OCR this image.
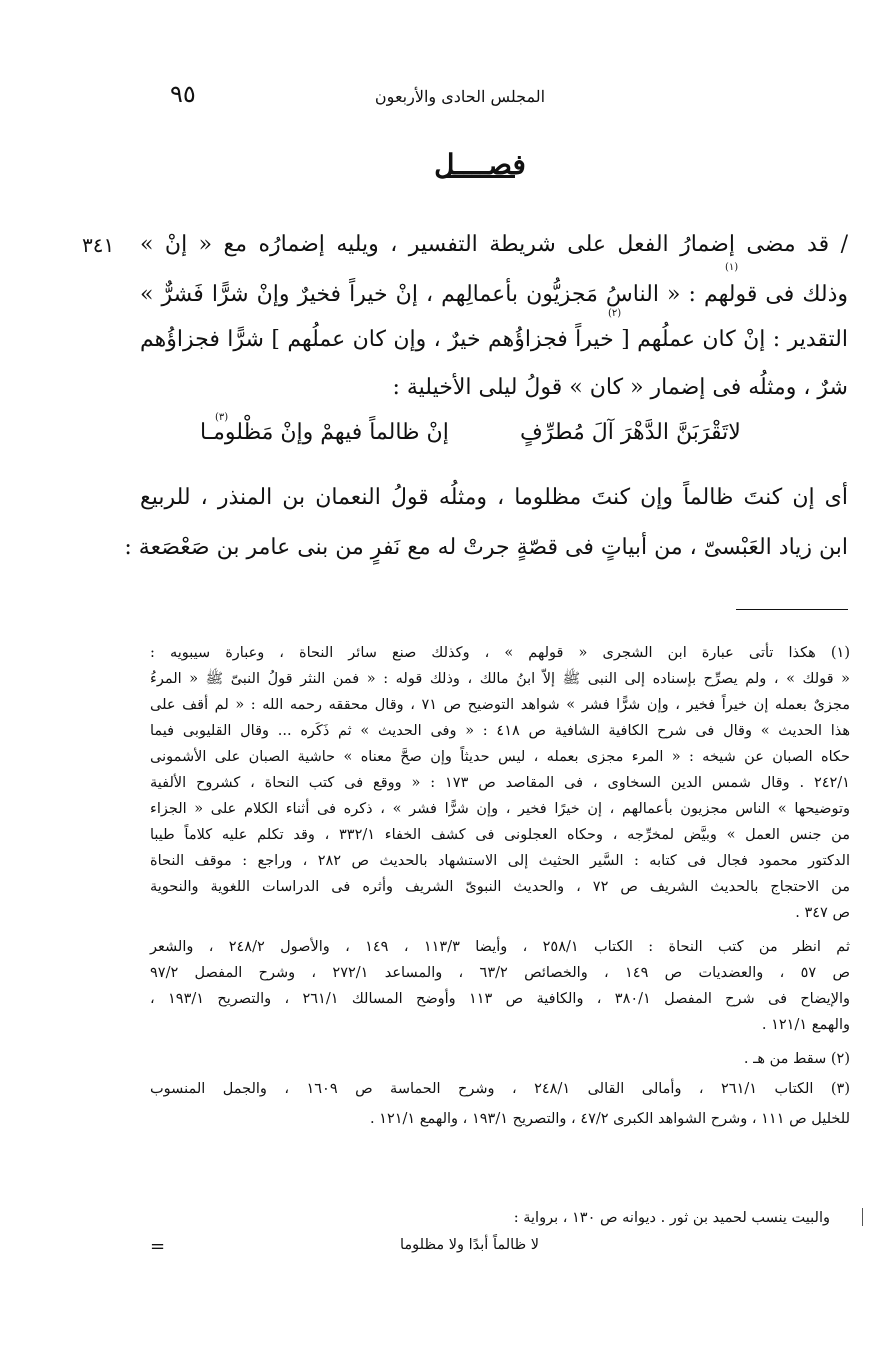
٩٥	المجلس الحادى والأربعون
فصــــل
٣٤١ / قد مضى إضمارُ الفعل على شريطة التفسير ، ويليه إضمارُه مع « إنْ »
(١)
وذلك فى قولهم : « الناسُ مَجزيُّون بأعمالِهم ، إنْ خيراً فخيرٌ وإنْ شرًّا فَشرٌّ »
(٢)
التقدير : إنْ كان عملُهم [ خيراً فجزاؤُهم خيرٌ ، وإن كان عملُهم ] شرًّا فجزاؤُهم
شرٌ ، ومثلُه فى إضمار « كان » قولُ ليلى الأخيلية :
(٣)
لاتَقْرَبَنَّ الدَّهْرَ آلَ مُطرِّفٍ
إنْ ظالماً فيهمْ وإنْ مَظْلومـا
أى إن كنتَ ظالماً وإن كنتَ مظلوما ، ومثلُه قولُ النعمان بن المنذر ، للربيع
ابن زياد العَبْسىّ ، من أبياتٍ فى قصّةٍ جرتْ له مع نَفرٍ من بنى عامر بن صَعْصَعة :
(١) هكذا تأتى عبارة ابن الشجرى « قولهم » ، وكذلك صنع سائر النحاة ، وعبارة سيبويه :
« قولك » ، ولم يصرِّح بإسناده إلى النبى ﷺ إلاّ ابنُ مالك ، وذلك قوله : « فمن النثر قولُ النبىّ ﷺ « المرءُ
مجزىٌ بعمله إن خيراً فخير ، وإن شرًّا فشر » شواهد التوضيح ص ٧١ ، وقال محققه رحمه الله : « لم أقف على
هذا الحديث » وقال فى شرح الكافية الشافية ص ٤١٨ : « وفى الحديث » ثم ذَكَره ... وقال القليوبى فيما
حكاه الصبان عن شيخه : « المرء مجزى بعمله ، ليس حديثاً وإن صحَّ معناه » حاشية الصبان على الأشمونى
٢٤٢/١ . وقال شمس الدين السخاوى ، فى المقاصد ص ١٧٣ : « ووقع فى كتب النحاة ، كشروح الألفية
وتوضيحها » الناس مجزيون بأعمالهم ، إن خيرًا فخير ، وإن شرًّا فشر » ، ذكره فى أثناء الكلام على « الجزاء
من جنس العمل » وبيَّض لمخرِّجه ، وحكاه العجلونى فى كشف الخفاء ٣٣٢/١ ، وقد تكلم عليه كلاماً طيبا
الدكتور محمود فجال فى كتابه : السَّير الحثيث إلى الاستشهاد بالحديث ص ٢٨٢ ، وراجع : موقف النحاة
من الاحتجاج بالحديث الشريف ص ٧٢ ، والحديث النبوىّ الشريف وأثره فى الدراسات اللغوية والنحوية
ص ٣٤٧ .
ثم انظر من كتب النحاة : الكتاب ٢٥٨/١ ، وأيضا ١١٣/٣ ، ١٤٩ ، والأصول ٢٤٨/٢ ، والشعر
ص ٥٧ ، والعضديات ص ١٤٩ ، والخصائص ٦٣/٢ ، والمساعد ٢٧٢/١ ، وشرح المفصل ٩٧/٢
والإيضاح فى شرح المفصل ٣٨٠/١ ، والكافية ص ١١٣ وأوضح المسالك ٢٦١/١ ، والتصريح ١٩٣/١ ،
والهمع ١٢١/١ .
(٢) سقط من هـ .
(٣) الكتاب ٢٦١/١ ، وأمالى القالى ٢٤٨/١ ، وشرح الحماسة ص ١٦٠٩ ، والجمل المنسوب
للخليل ص ١١١ ، وشرح الشواهد الكبرى ٤٧/٢ ، والتصريح ١٩٣/١ ، والهمع ١٢١/١ .
والبيت ينسب لحميد بن ثور . ديوانه ص ١٣٠ ، برواية :
لا ظالماً أبدًا ولا مظلوما
=
